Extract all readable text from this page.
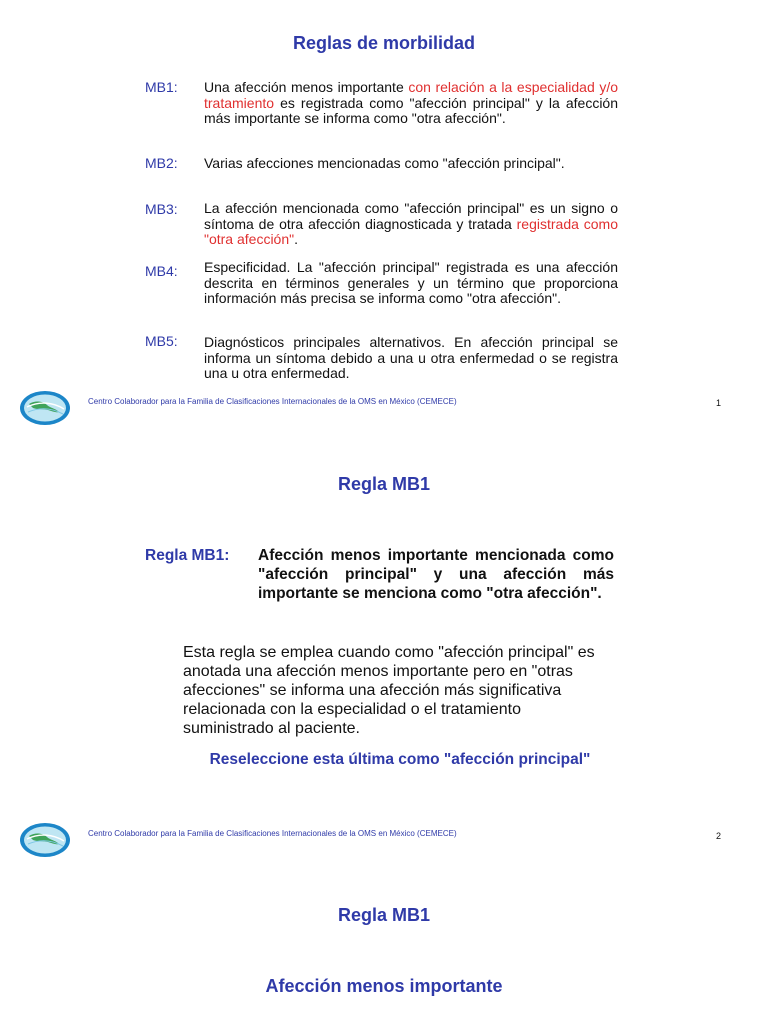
Reglas de morbilidad
MB1: Una afección menos importante con relación a la especialidad y/o tratamiento es registrada como "afección principal" y la afección más importante se informa como "otra afección".

MB2: Varias afecciones mencionadas como "afección principal".

MB3: La afección mencionada como "afección principal" es un signo o síntoma de otra afección diagnosticada y tratada registrada como "otra afección".

MB4: Especificidad. La "afección principal" registrada es una afección descrita en términos generales y un término que proporciona información más precisa se informa como "otra afección".

MB5: Diagnósticos principales alternativos. En afección principal se informa un síntoma debido a una u otra enfermedad o se registra una u otra enfermedad.

Centro Colaborador para la Familia de Clasificaciones Internacionales de la OMS en México (CEMECE)	1
Regla MB1
Regla MB1: Afección menos importante mencionada como "afección principal" y una afección más importante se menciona como "otra afección".

Esta regla se emplea cuando como "afección principal" es anotada una afección menos importante pero en "otras afecciones" se informa una afección más significativa relacionada con la especialidad o el tratamiento suministrado al paciente.

Reseleccione esta última como "afección principal"

Centro Colaborador para la Familia de Clasificaciones Internacionales de la OMS en México (CEMECE)	2
Regla MB1
Afección menos importante
